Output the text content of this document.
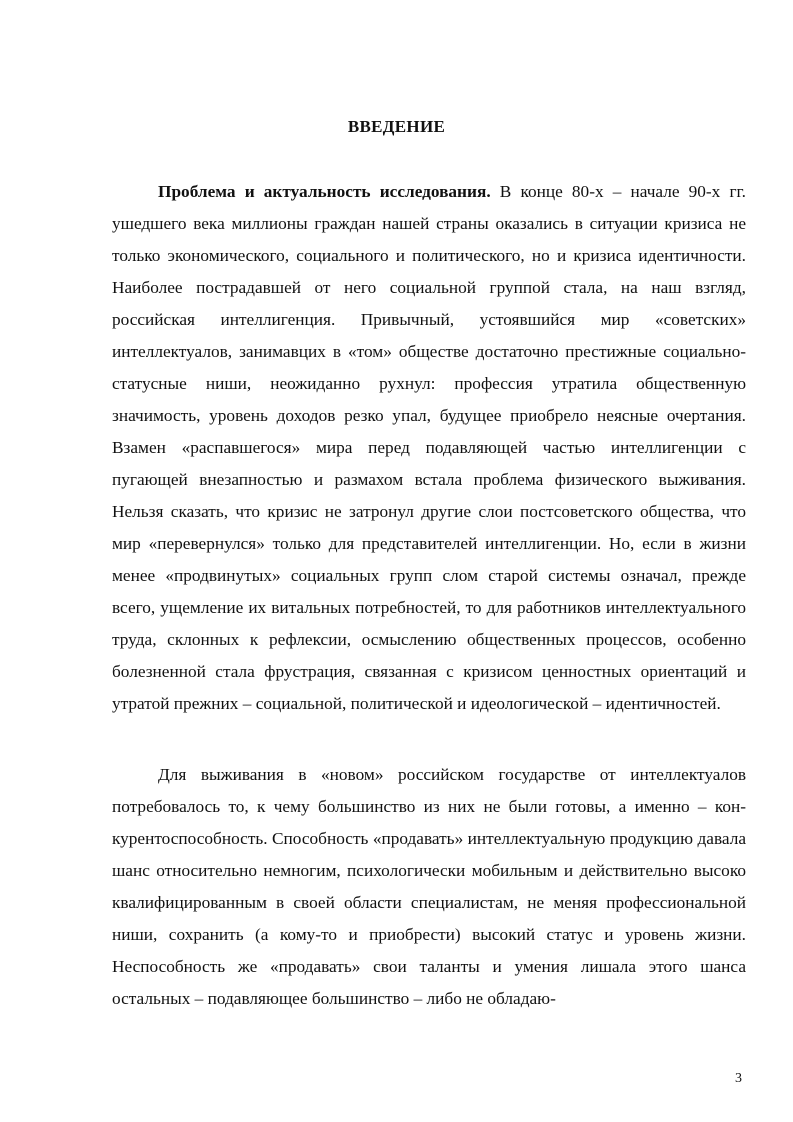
ВВЕДЕНИЕ

Проблема и актуальность исследования. В конце 80-х – начале 90-х гг. ушедшего века миллионы граждан нашей страны оказались в ситуации кризиса не только экономического, социального и политического, но и кризиса идентичности. Наиболее пострадавшей от него социальной группой стала, на наш взгляд, российская интеллигенция. Привычный, устоявшийся мир «советских» интеллектуалов, занимавцих в «том» обществе достаточно престижные социально-статусные ниши, неожиданно рухнул: профессия утратила общественную значимость, уровень доходов резко упал, будущее приобрело неясные очертания. Взамен «распавшегося» мира перед подавляющей частью интеллигенции с пугающей внезапностью и размахом встала проблема физического выживания. Нельзя сказать, что кризис не затронул другие слои постсоветского общества, что мир «перевернулся» только для представителей интеллигенции. Но, если в жизни менее «продвинутых» социальных групп слом старой системы означал, прежде всего, ущемление их витальных потребностей, то для работников интеллектуального труда, склонных к рефлексии, осмыслению общественных процессов, особенно болезненной стала фрустрация, связанная с кризисом ценностных ориентаций и утратой прежних – социальной, политической и идеологической – идентичностей.

Для выживания в «новом» российском государстве от интеллектуалов потребовалось то, к чему большинство из них не были готовы, а именно – конкурентоспособность. Способность «продавать» интеллектуальную продукцию давала шанс относительно немногим, психологически мобильным и действительно высоко квалифицированным в своей области специалистам, не меняя профессиональной ниши, сохранить (а кому-то и приобрести) высокий статус и уровень жизни. Неспособность же «продавать» свои таланты и умения лишала этого шанса остальных – подавляющее большинство – либо не обладаю-

3
